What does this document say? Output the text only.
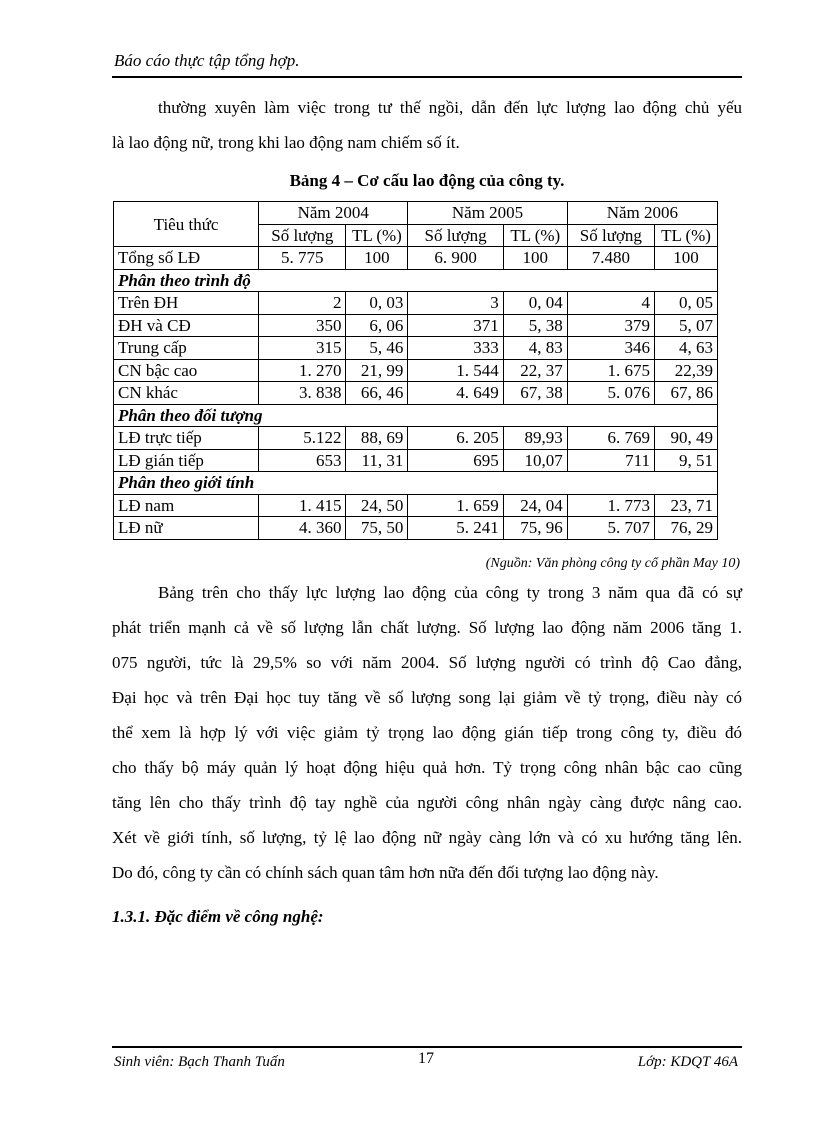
Báo cáo thực tập tổng hợp.
thường xuyên làm việc trong tư thế ngồi, dẫn đến lực lượng lao động chủ yếu
là lao động nữ, trong khi lao động nam chiếm số ít.

Bảng 4 – Cơ cấu lao động của công ty.

Tiêu thức	Năm 2004		Năm 2005		Năm 2006	
	Số lượng	TL (%)	Số lượng	TL (%)	Số lượng	TL (%)
Tổng số LĐ	5. 775	100	6. 900	100	7.480	100
Phân theo trình độ						
Trên ĐH	2	0, 03	3	0, 04	4	0, 05
ĐH và CĐ	350	6, 06	371	5, 38	379	5, 07
Trung cấp	315	5, 46	333	4, 83	346	4, 63
CN bậc cao	1. 270	21, 99	1. 544	22, 37	1. 675	22,39
CN khác	3. 838	66, 46	4. 649	67, 38	5. 076	67, 86
Phân theo đối tượng						
LĐ trực tiếp	5.122	88, 69	6. 205	89,93	6. 769	90, 49
LĐ gián tiếp	653	11, 31	695	10,07	711	9, 51
Phân theo giới tính						
LĐ nam	1. 415	24, 50	1. 659	24, 04	1. 773	23, 71
LĐ nữ	4. 360	75, 50	5. 241	75, 96	5. 707	76, 29

(Nguồn: Văn phòng công ty cổ phần May 10)

Bảng trên cho thấy lực lượng lao động của công ty trong 3 năm qua đã có sự
phát triển mạnh cả về số lượng lẫn chất lượng. Số lượng lao động năm 2006 tăng 1.
075 người, tức là 29,5% so với năm 2004. Số lượng người có trình độ Cao đẳng,
Đại học và trên Đại học tuy tăng về số lượng song lại giảm về tỷ trọng, điều này có
thể xem là hợp lý với việc giảm tỷ trọng lao động gián tiếp trong công ty, điều đó
cho thấy bộ máy quản lý hoạt động hiệu quả hơn. Tỷ trọng công nhân bậc cao cũng
tăng lên cho thấy trình độ tay nghề của người công nhân ngày càng được nâng cao.
Xét về giới tính, số lượng, tỷ lệ lao động nữ ngày càng lớn và có xu hướng tăng lên.
Do đó, công ty cần có chính sách quan tâm hơn nữa đến đối tượng lao động này.

1.3.1. Đặc điểm về công nghệ:

Sinh viên: Bạch Thanh Tuấn	17	Lớp: KDQT 46A
